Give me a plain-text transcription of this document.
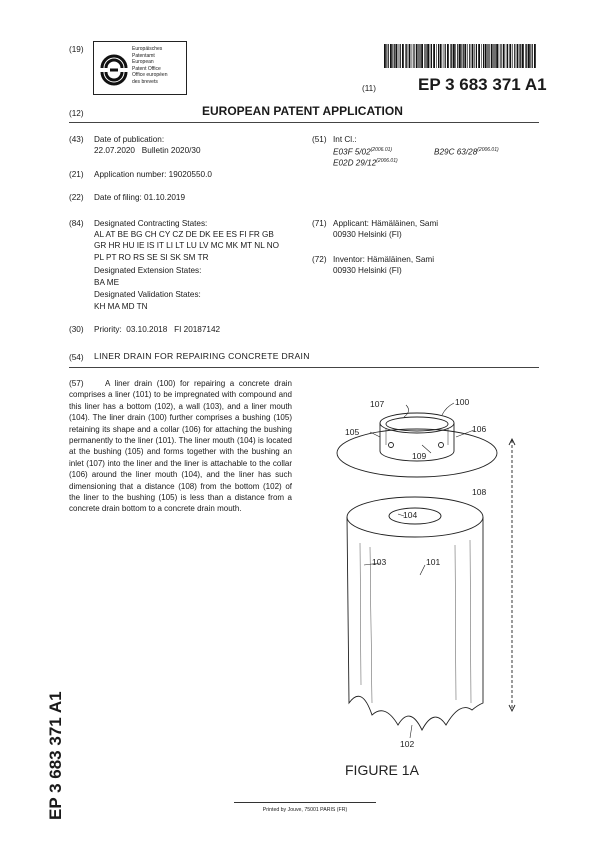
(19)	Europäisches
Patentamt
European
Patent Office
Office européen
des brevets
(11) EP 3 683 371 A1
(12)	EUROPEAN PATENT APPLICATION
(43) Date of publication:
22.07.2020   Bulletin 2020/30
(21) Application number: 19020550.0
(22) Date of filing: 01.10.2019
(84) Designated Contracting States:
AL AT BE BG CH CY CZ DE DK EE ES FI FR GB
GR HR HU IE IS IT LI LT LU LV MC MK MT NL NO
PL PT RO RS SE SI SK SM TR
Designated Extension States:
BA ME
Designated Validation States:
KH MA MD TN
(30) Priority:  03.10.2018   FI 20187142
(51) Int Cl.:
E03F $5/02^{(2006.01)}$	B29C $63/28^{(2006.01)}$
E02D $29/12^{(2006.01)}$
(71) Applicant: Hämäläinen, Sami
00930 Helsinki (FI)
(72) Inventor: Hämäläinen, Sami
00930 Helsinki (FI)
(54) LINER DRAIN FOR REPAIRING CONCRETE DRAIN
(57)	A liner drain (100) for repairing a concrete drain comprises a liner (101) to be impregnated with compound and this liner has a bottom (102), a wall (103), and a liner mouth (104). The liner drain (100) further comprises a bushing (105) retaining its shape and a collar (106) for attaching the bushing permanently to the liner (101). The liner mouth (104) is located at the bushing (105) and forms together with the bushing an inlet (107) into the liner and the liner is attachable to the collar (106) around the liner mouth (104), and the liner has such dimensioning that a distance (108) from the bottom (102) of the liner to the bushing (105) is less than a distance from a concrete drain bottom to a concrete drain mouth.
107	100
105	106
109
108
104
103	101
102
FIGURE 1A
EP 3 683 371 A1	Printed by Jouve, 75001 PARIS (FR)
